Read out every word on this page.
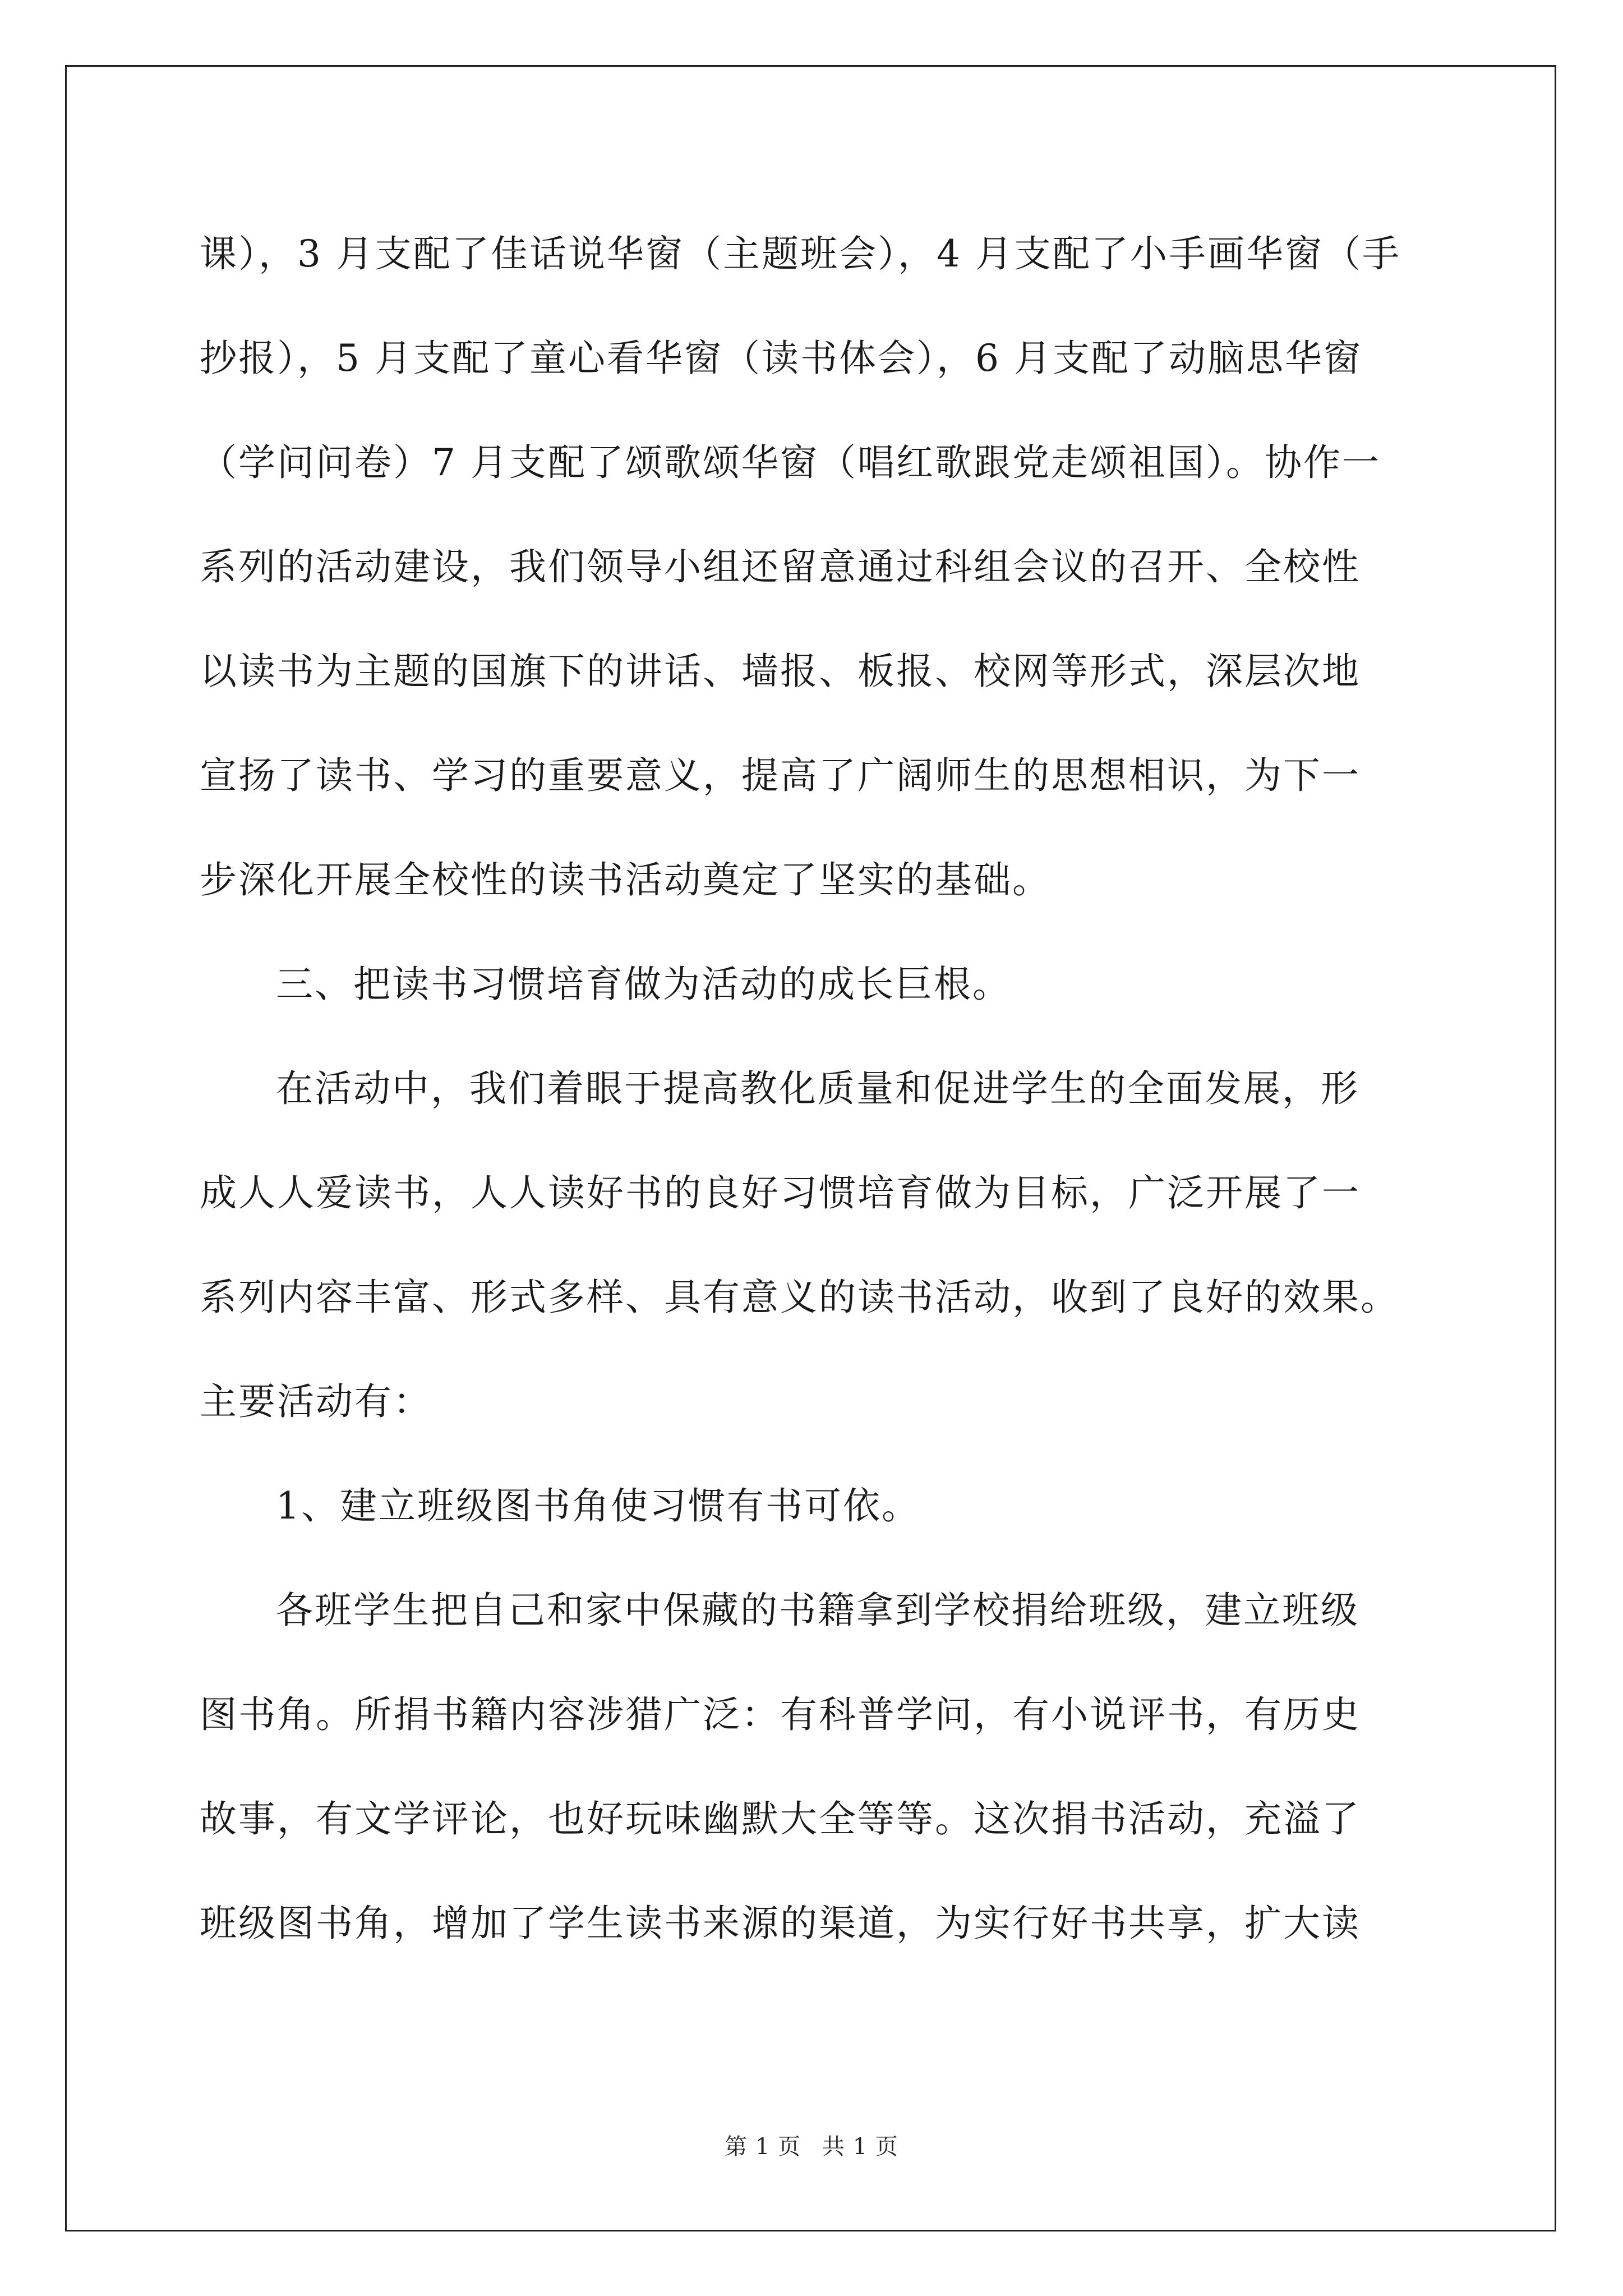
课），3 月支配了佳话说华窗（主题班会），4 月支配了小手画华窗（手
抄报），5 月支配了童心看华窗（读书体会），6 月支配了动脑思华窗
（学问问卷）7 月支配了颂歌颂华窗（唱红歌跟党走颂祖国）。协作一
系列的活动建设，我们领导小组还留意通过科组会议的召开、全校性
以读书为主题的国旗下的讲话、墙报、板报、校网等形式，深层次地
宣扬了读书、学习的重要意义，提高了广阔师生的思想相识，为下一
步深化开展全校性的读书活动奠定了坚实的基础。
三、把读书习惯培育做为活动的成长巨根。
在活动中，我们着眼于提高教化质量和促进学生的全面发展，形
成人人爱读书，人人读好书的良好习惯培育做为目标，广泛开展了一
系列内容丰富、形式多样、具有意义的读书活动，收到了良好的效果。
主要活动有：
1、建立班级图书角使习惯有书可依。
各班学生把自己和家中保藏的书籍拿到学校捐给班级，建立班级
图书角。所捐书籍内容涉猎广泛：有科普学问，有小说评书，有历史
故事，有文学评论，也好玩味幽默大全等等。这次捐书活动，充溢了
班级图书角，增加了学生读书来源的渠道，为实行好书共享，扩大读
第 1 页 共 1 页
